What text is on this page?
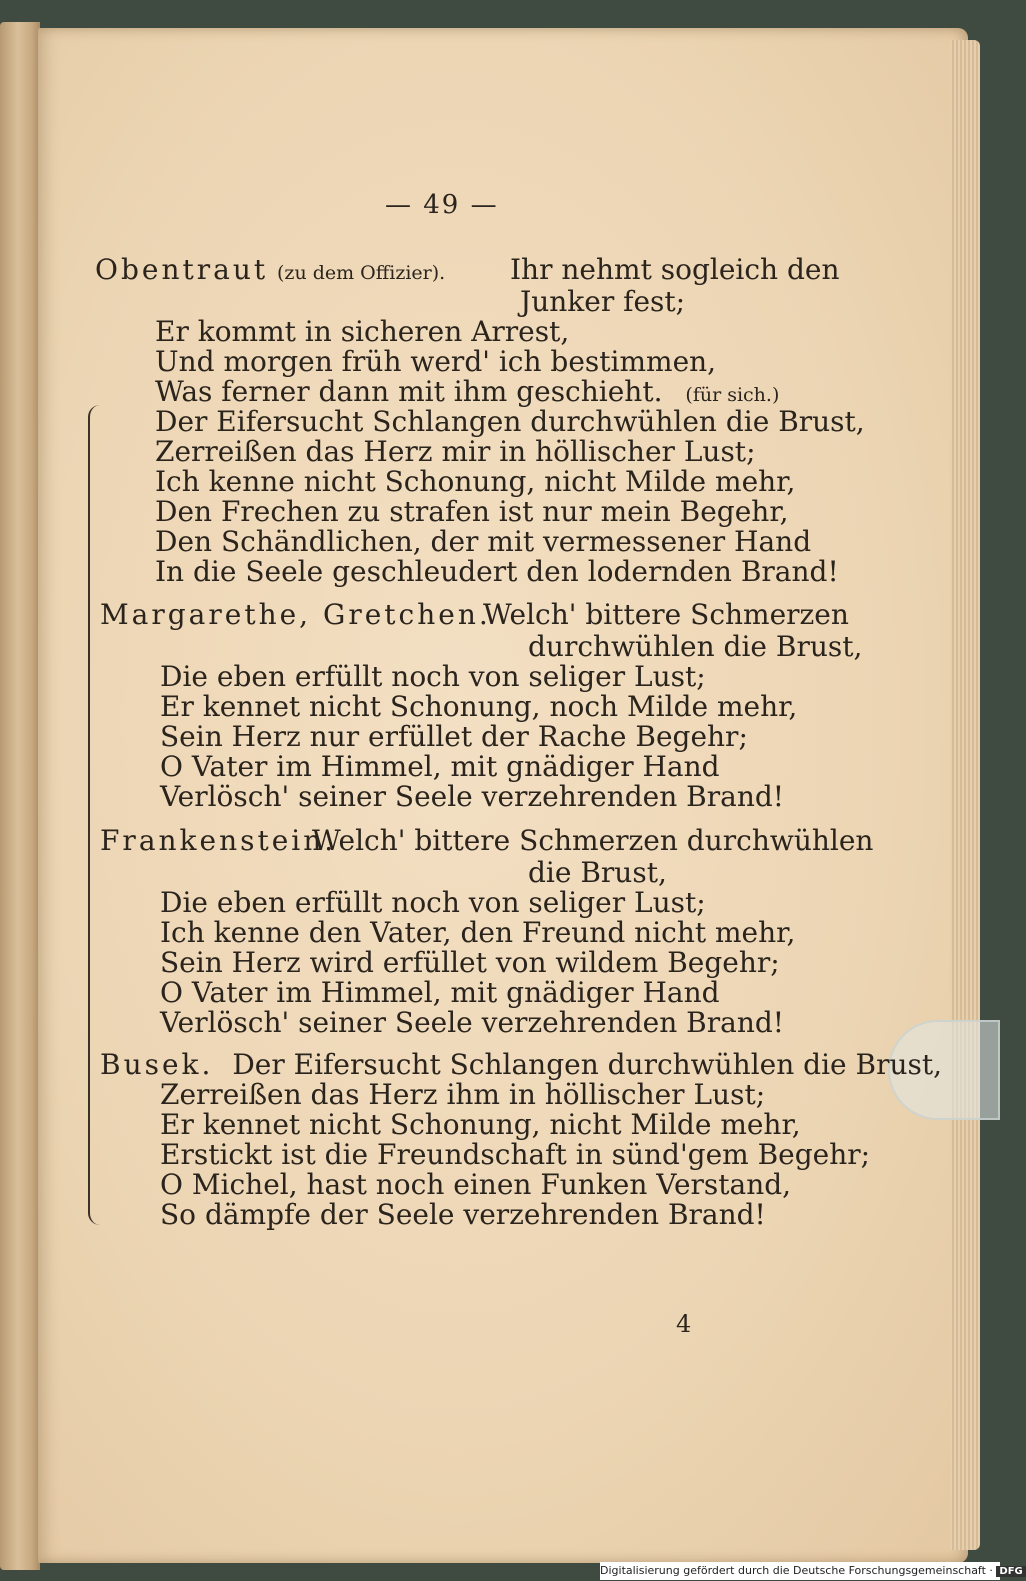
— 49 —
Obentraut (zu dem Offizier). Ihr nehmt sogleich den
Junker fest;
Er kommt in sicheren Arrest,
Und morgen früh werd' ich bestimmen,
Was ferner dann mit ihm geschieht. (für sich.)
Der Eifersucht Schlangen durchwühlen die Brust,
Zerreißen das Herz mir in höllischer Lust;
Ich kenne nicht Schonung, nicht Milde mehr,
Den Frechen zu strafen ist nur mein Begehr,
Den Schändlichen, der mit vermessener Hand
In die Seele geschleudert den lodernden Brand!
Margarethe, Gretchen.
Welch' bittere Schmerzen
durchwühlen die Brust,
Die eben erfüllt noch von seliger Lust;
Er kennet nicht Schonung, noch Milde mehr,
Sein Herz nur erfüllet der Rache Begehr;
O Vater im Himmel, mit gnädiger Hand
Verlösch' seiner Seele verzehrenden Brand!
Frankenstein.
Welch' bittere Schmerzen durchwühlen
die Brust,
Die eben erfüllt noch von seliger Lust;
Ich kenne den Vater, den Freund nicht mehr,
Sein Herz wird erfüllet von wildem Begehr;
O Vater im Himmel, mit gnädiger Hand
Verlösch' seiner Seele verzehrenden Brand!
Busek. Der Eifersucht Schlangen durchwühlen die Brust,
Zerreißen das Herz ihm in höllischer Lust;
Er kennet nicht Schonung, nicht Milde mehr,
Erstickt ist die Freundschaft in sünd'gem Begehr;
O Michel, hast noch einen Funken Verstand,
So dämpfe der Seele verzehrenden Brand!
4
Digitalisierung gefördert durch die Deutsche Forschungsgemeinschaft · DFG
